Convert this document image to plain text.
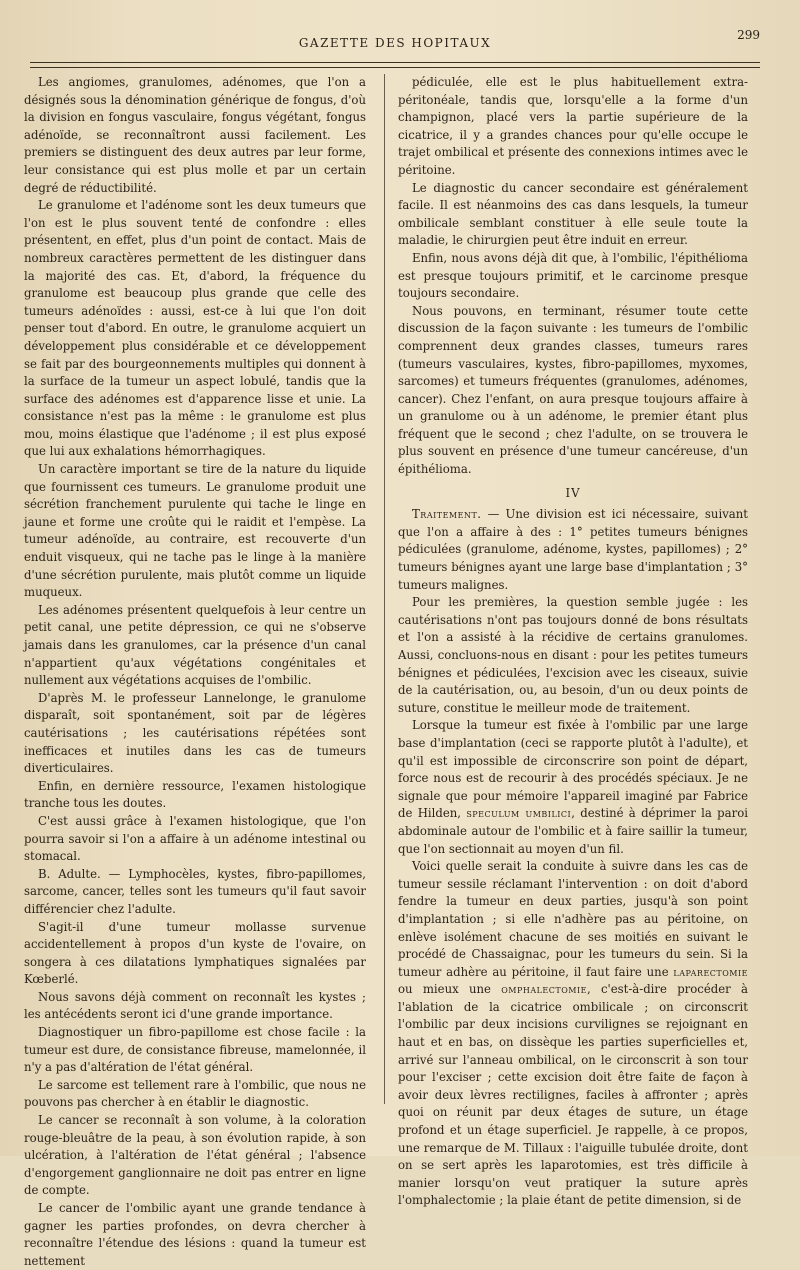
GAZETTE DES HOPITAUX
299

Les angiomes, granulomes, adénomes, que l'on a désignés sous la dénomination générique de fongus, d'où la division en fongus vasculaire, fongus végétant, fongus adénoïde, se reconnaîtront aussi facilement. Les premiers se distinguent des deux autres par leur forme, leur consistance qui est plus molle et par un certain degré de réductibilité.

Le granulome et l'adénome sont les deux tumeurs que l'on est le plus souvent tenté de confondre : elles présentent, en effet, plus d'un point de contact. Mais de nombreux caractères permettent de les distinguer dans la majorité des cas. Et, d'abord, la fréquence du granulome est beaucoup plus grande que celle des tumeurs adénoïdes : aussi, est-ce à lui que l'on doit penser tout d'abord. En outre, le granulome acquiert un développement plus considérable et ce développement se fait par des bourgeonnements multiples qui donnent à la surface de la tumeur un aspect lobulé, tandis que la surface des adénomes est d'apparence lisse et unie. La consistance n'est pas la même : le granulome est plus mou, moins élastique que l'adénome ; il est plus exposé que lui aux exhalations hémorrhagiques.

Un caractère important se tire de la nature du liquide que fournissent ces tumeurs. Le granulome produit une sécrétion franchement purulente qui tache le linge en jaune et forme une croûte qui le raidit et l'empèse. La tumeur adénoïde, au contraire, est recouverte d'un enduit visqueux, qui ne tache pas le linge à la manière d'une sécrétion purulente, mais plutôt comme un liquide muqueux.

Les adénomes présentent quelquefois à leur centre un petit canal, une petite dépression, ce qui ne s'observe jamais dans les granulomes, car la présence d'un canal n'appartient qu'aux végétations congénitales et nullement aux végétations acquises de l'ombilic.

D'après M. le professeur Lannelonge, le granulome disparaît, soit spontanément, soit par de légères cautérisations ; les cautérisations répétées sont inefficaces et inutiles dans les cas de tumeurs diverticulaires.

Enfin, en dernière ressource, l'examen histologique tranche tous les doutes.

C'est aussi grâce à l'examen histologique, que l'on pourra savoir si l'on a affaire à un adénome intestinal ou stomacal.

B. Adulte. — Lymphocèles, kystes, fibro-papillomes, sarcome, cancer, telles sont les tumeurs qu'il faut savoir différencier chez l'adulte.

S'agit-il d'une tumeur mollasse survenue accidentellement à propos d'un kyste de l'ovaire, on songera à ces dilatations lymphatiques signalées par Kœberlé.

Nous savons déjà comment on reconnaît les kystes ; les antécédents seront ici d'une grande importance.

Diagnostiquer un fibro-papillome est chose facile : la tumeur est dure, de consistance fibreuse, mamelonnée, il n'y a pas d'altération de l'état général.

Le sarcome est tellement rare à l'ombilic, que nous ne pouvons pas chercher à en établir le diagnostic.

Le cancer se reconnaît à son volume, à la coloration rouge-bleuâtre de la peau, à son évolution rapide, à son ulcération, à l'altération de l'état général ; l'absence d'engorgement ganglionnaire ne doit pas entrer en ligne de compte.

Le cancer de l'ombilic ayant une grande tendance à gagner les parties profondes, on devra chercher à reconnaître l'étendue des lésions : quand la tumeur est nettement

pédiculée, elle est le plus habituellement extra-péritonéale, tandis que, lorsqu'elle a la forme d'un champignon, placé vers la partie supérieure de la cicatrice, il y a grandes chances pour qu'elle occupe le trajet ombilical et présente des connexions intimes avec le péritoine.

Le diagnostic du cancer secondaire est généralement facile. Il est néanmoins des cas dans lesquels, la tumeur ombilicale semblant constituer à elle seule toute la maladie, le chirurgien peut être induit en erreur.

Enfin, nous avons déjà dit que, à l'ombilic, l'épithélioma est presque toujours primitif, et le carcinome presque toujours secondaire.

Nous pouvons, en terminant, résumer toute cette discussion de la façon suivante : les tumeurs de l'ombilic comprennent deux grandes classes, tumeurs rares (tumeurs vasculaires, kystes, fibro-papillomes, myxomes, sarcomes) et tumeurs fréquentes (granulomes, adénomes, cancer). Chez l'enfant, on aura presque toujours affaire à un granulome ou à un adénome, le premier étant plus fréquent que le second ; chez l'adulte, on se trouvera le plus souvent en présence d'une tumeur cancéreuse, d'un épithélioma.

IV

Traitement. — Une division est ici nécessaire, suivant que l'on a affaire à des : 1° petites tumeurs bénignes pédiculées (granulome, adénome, kystes, papillomes) ; 2° tumeurs bénignes ayant une large base d'implantation ; 3° tumeurs malignes.

Pour les premières, la question semble jugée : les cautérisations n'ont pas toujours donné de bons résultats et l'on a assisté à la récidive de certains granulomes. Aussi, concluons-nous en disant : pour les petites tumeurs bénignes et pédiculées, l'excision avec les ciseaux, suivie de la cautérisation, ou, au besoin, d'un ou deux points de suture, constitue le meilleur mode de traitement.

Lorsque la tumeur est fixée à l'ombilic par une large base d'implantation (ceci se rapporte plutôt à l'adulte), et qu'il est impossible de circonscrire son point de départ, force nous est de recourir à des procédés spéciaux. Je ne signale que pour mémoire l'appareil imaginé par Fabrice de Hilden, speculum umbilici, destiné à déprimer la paroi abdominale autour de l'ombilic et à faire saillir la tumeur, que l'on sectionnait au moyen d'un fil.

Voici quelle serait la conduite à suivre dans les cas de tumeur sessile réclamant l'intervention : on doit d'abord fendre la tumeur en deux parties, jusqu'à son point d'implantation ; si elle n'adhère pas au péritoine, on enlève isolément chacune de ses moitiés en suivant le procédé de Chassaignac, pour les tumeurs du sein. Si la tumeur adhère au péritoine, il faut faire une laparectomie ou mieux une omphalectomie, c'est-à-dire procéder à l'ablation de la cicatrice ombilicale ; on circonscrit l'ombilic par deux incisions curvilignes se rejoignant en haut et en bas, on dissèque les parties superficielles et, arrivé sur l'anneau ombilical, on le circonscrit à son tour pour l'exciser ; cette excision doit être faite de façon à avoir deux lèvres rectilignes, faciles à affronter ; après quoi on réunit par deux étages de suture, un étage profond et un étage superficiel. Je rappelle, à ce propos, une remarque de M. Tillaux : l'aiguille tubulée droite, dont on se sert après les laparotomies, est très difficile à manier lorsqu'on veut pratiquer la suture après l'omphalectomie ; la plaie étant de petite dimension, si de
